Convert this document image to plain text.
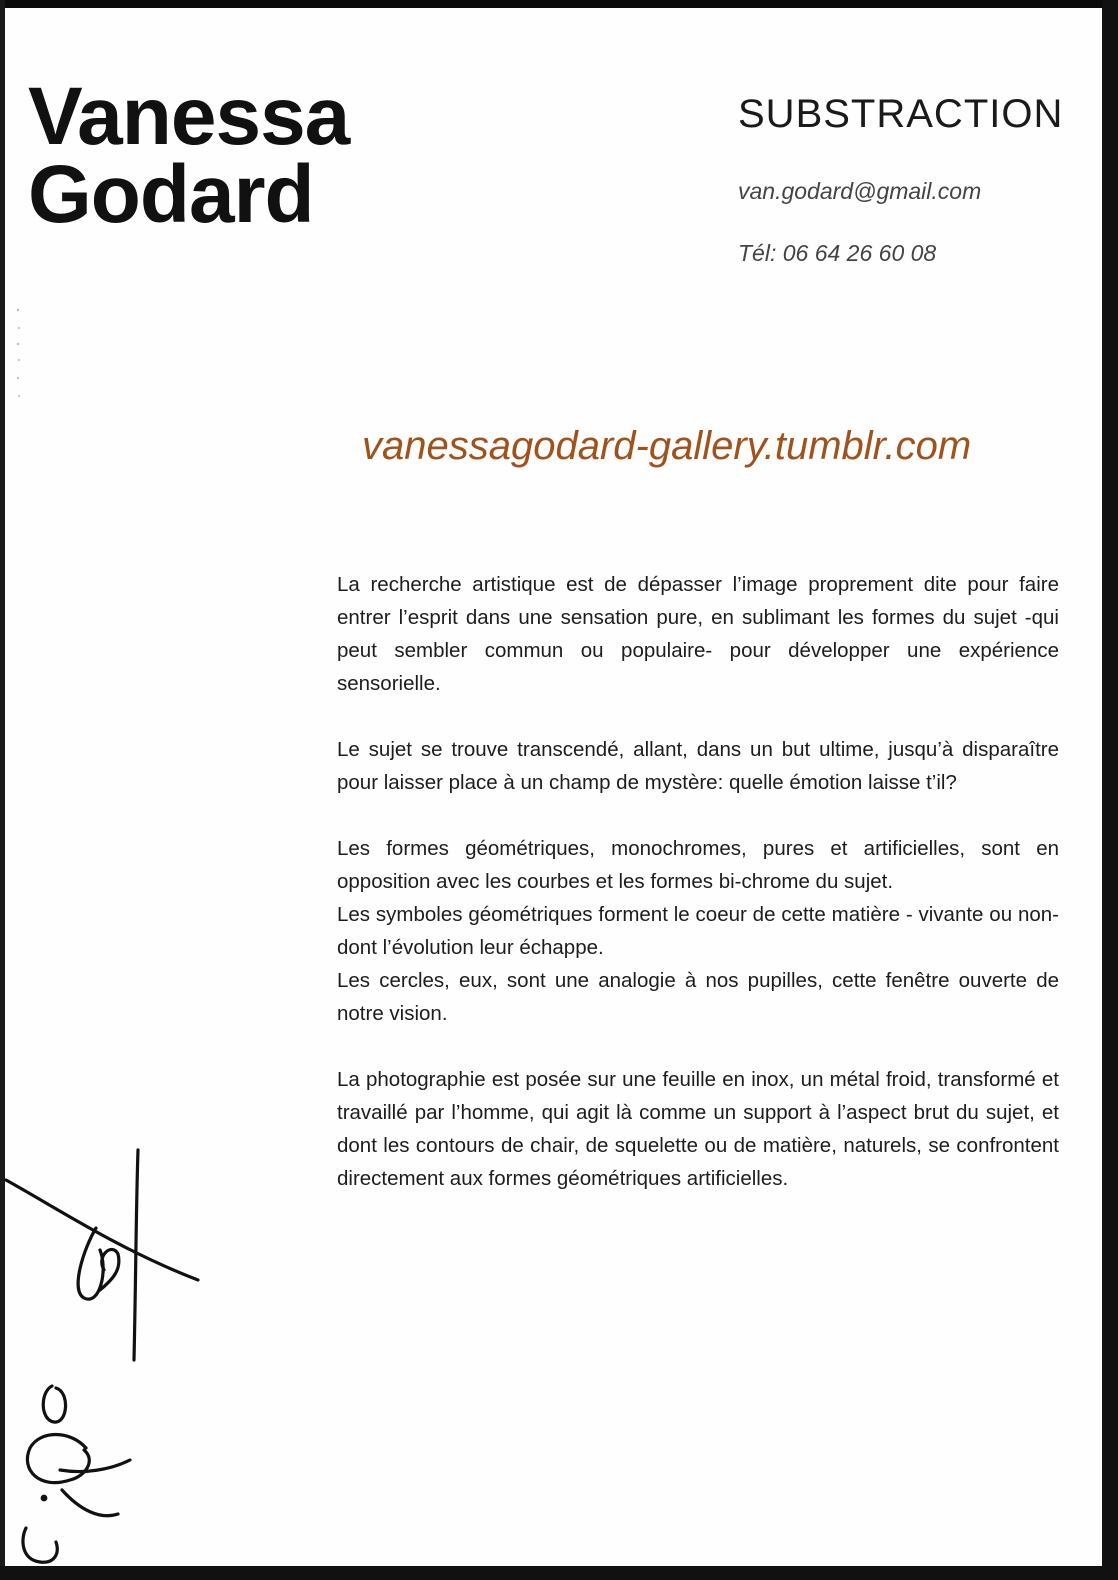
Vanessa
Godard
SUBSTRACTION
van.godard@gmail.com
Tél: 06 64 26 60 08
vanessagodard-gallery.tumblr.com

La recherche artistique est de dépasser l’image proprement dite pour faire entrer l’esprit dans une sensation pure, en sublimant les formes du sujet -qui peut sembler commun ou populaire- pour développer une expérience sensorielle.

Le sujet se trouve transcendé, allant, dans un but ultime, jusqu’à disparaître pour laisser place à un champ de mystère: quelle émotion laisse t’il?

Les formes géométriques, monochromes, pures et artificielles, sont en opposition avec les courbes et les formes bi-chrome du sujet.

Les symboles géométriques forment le coeur de cette matière - vivante ou non- dont l’évolution leur échappe.

Les cercles, eux, sont une analogie à nos pupilles, cette fenêtre ouverte de notre vision.

La photographie est posée sur une feuille en inox, un métal froid, transformé et travaillé par l’homme, qui agit là comme un support à l’aspect brut du sujet, et dont les contours de chair, de squelette ou de matière, naturels, se confrontent directement aux formes géométriques artificielles.
